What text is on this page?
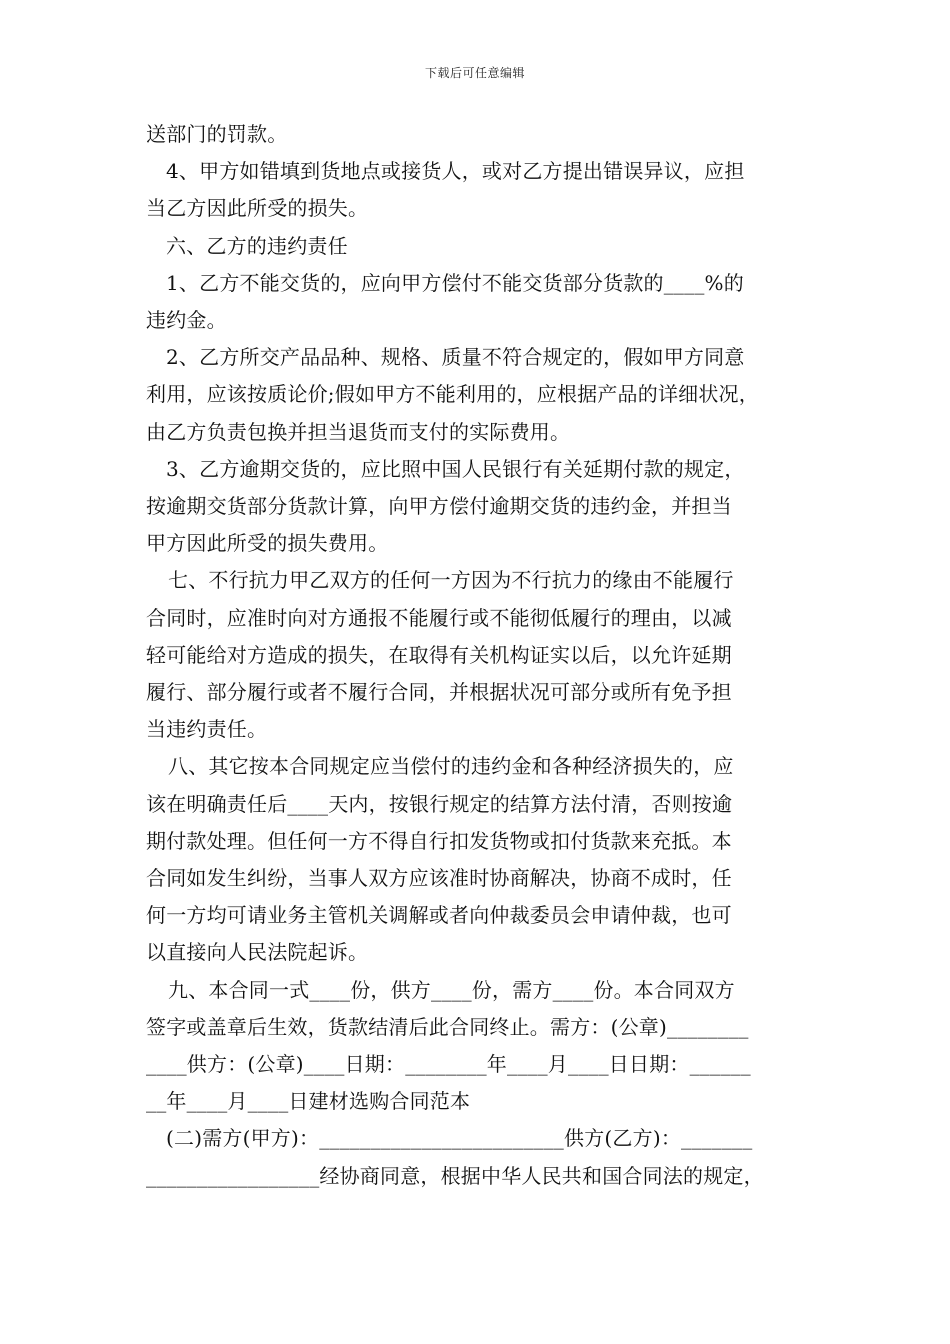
下载后可任意编辑

送部门的罚款。

4、甲方如错填到货地点或接货人，或对乙方提出错误异议，应担

当乙方因此所受的损失。

六、乙方的违约责任

1、乙方不能交货的，应向甲方偿付不能交货部分货款的____%的

违约金。

2、乙方所交产品品种、规格、质量不符合规定的，假如甲方同意

利用，应该按质论价;假如甲方不能利用的，应根据产品的详细状况，

由乙方负责包换并担当退货而支付的实际费用。

3、乙方逾期交货的，应比照中国人民银行有关延期付款的规定，

按逾期交货部分货款计算，向甲方偿付逾期交货的违约金，并担当

甲方因此所受的损失费用。

七、不行抗力甲乙双方的任何一方因为不行抗力的缘由不能履行

合同时，应准时向对方通报不能履行或不能彻低履行的理由，以减

轻可能给对方造成的损失，在取得有关机构证实以后，以允许延期

履行、部分履行或者不履行合同，并根据状况可部分或所有免予担

当违约责任。

八、其它按本合同规定应当偿付的违约金和各种经济损失的，应

该在明确责任后____天内，按银行规定的结算方法付清，否则按逾

期付款处理。但任何一方不得自行扣发货物或扣付货款来充抵。本

合同如发生纠纷，当事人双方应该准时协商解决，协商不成时，任

何一方均可请业务主管机关调解或者向仲裁委员会申请仲裁，也可

以直接向人民法院起诉。

九、本合同一式____份，供方____份，需方____份。本合同双方

签字或盖章后生效，货款结清后此合同终止。需方：(公章)________

____供方：(公章)____日期：________年____月____日日期：______

__年____月____日建材选购合同范本

(二)需方(甲方)：________________________供方(乙方)：_______

_________________经协商同意，根据中华人民共和国合同法的规定，
